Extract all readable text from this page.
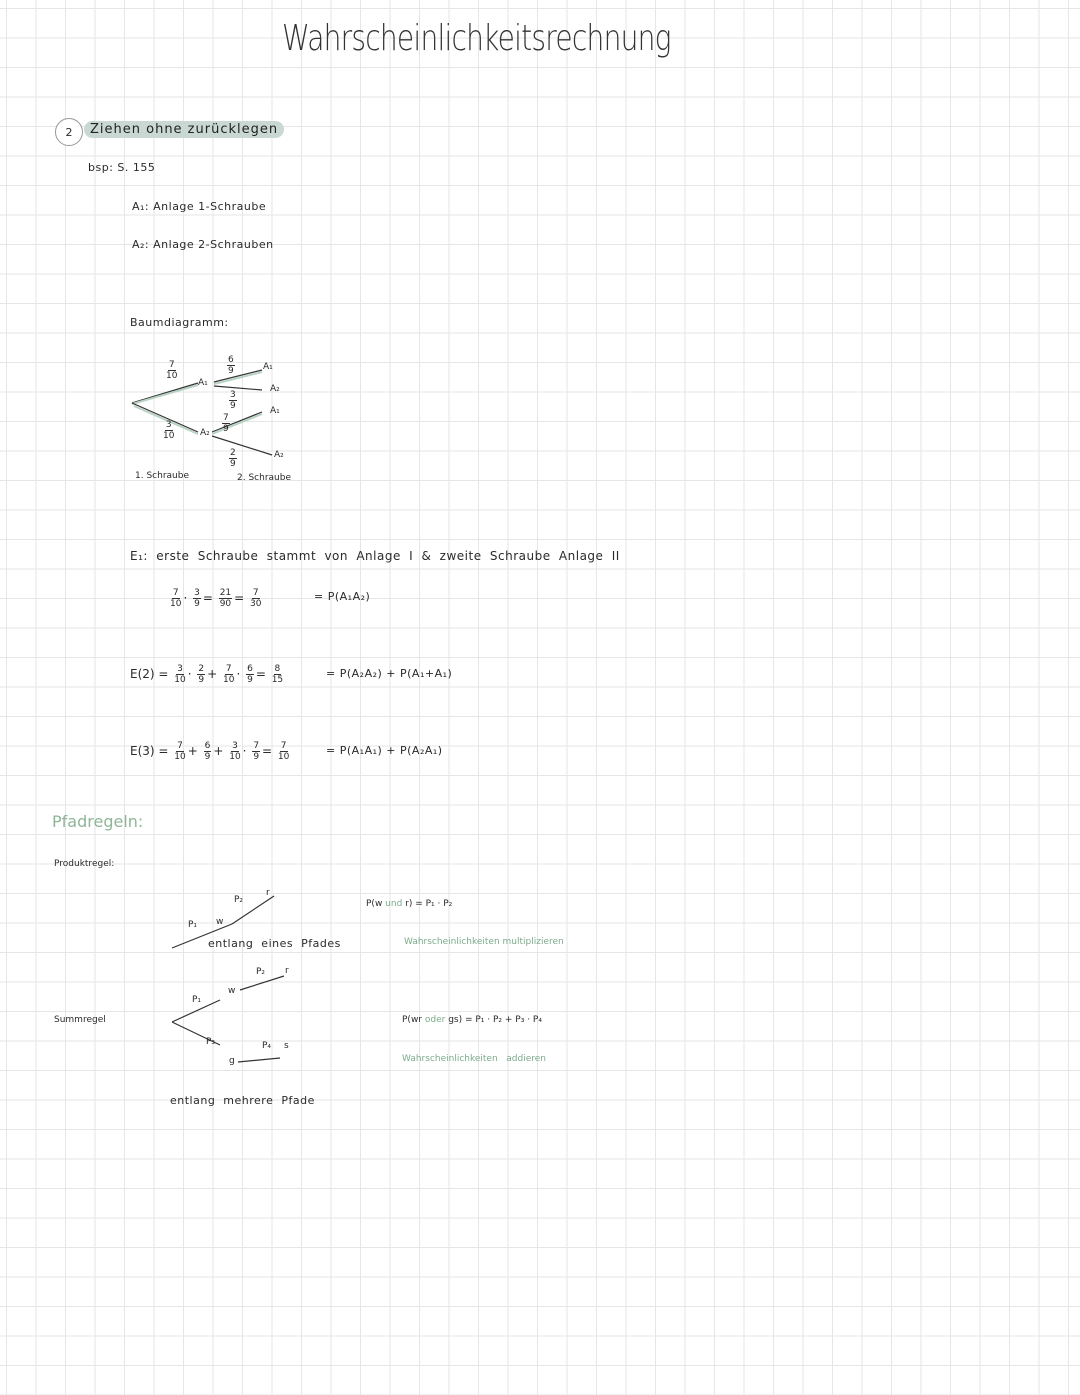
Wahrscheinlichkeitsrechnung
2	Ziehen ohne zurücklegen
bsp: S. 155
A₁: Anlage 1-Schraube
A₂: Anlage 2-Schrauben
Baumdiagramm:
7
10
3
10
6
9
3
9
7
9
2
9
A₁
A₂
A₁
A₂
A₁
A₂
1. Schraube	2. Schraube
E₁: erste Schraube stammt von Anlage I & zweite Schraube Anlage II
$\frac{7}{10} \cdot \frac{3}{9} = \frac{21}{90} = \frac{7}{30}$	= P(A₁A₂)
$E(2) = \frac{3}{10} \cdot \frac{2}{9} + \frac{7}{10} \cdot \frac{6}{9} = \frac{8}{15}$	= P(A₂A₂) + P(A₁+A₁)
$E(3) = \frac{7}{10} + \frac{6}{9} + \frac{3}{10} \cdot \frac{7}{9} = \frac{7}{10}$	= P(A₁A₁) + P(A₂A₁)
Pfadregeln:
Produktregel:
P₁
P₂
w
r
entlang eines Pfades
P(w und r) = P₁ · P₂
Wahrscheinlichkeiten multiplizieren
Summregel
P₁
P₂
P₃	P₄
w
r
g
s
entlang mehrere Pfade
P(wr oder gs) = P₁ · P₂ + P₃ · P₄
Wahrscheinlichkeiten addieren
